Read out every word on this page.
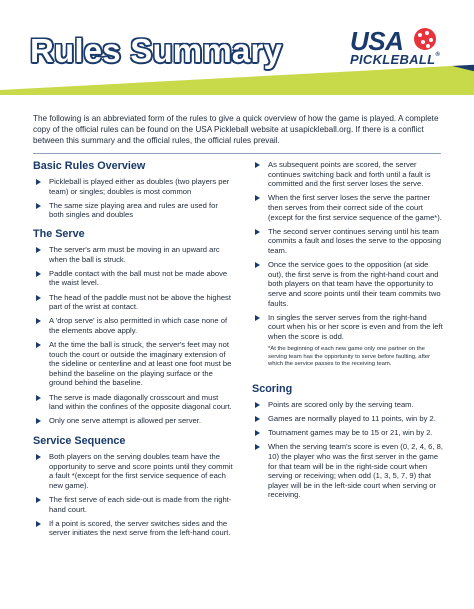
Rules Summary	USA
PICKLEBALL®
The following is an abbreviated form of the rules to give a quick overview of how the game is played. A complete copy of the official rules can be found on the USA Pickleball website at usapickleball.org. If there is a conflict between this summary and the official rules, the official rules prevail.
Basic Rules Overview
Pickleball is played either as doubles (two players per team) or singles; doubles is most common
The same size playing area and rules are used for both singles and doubles
The Serve
The server's arm must be moving in an upward arc when the ball is struck.
Paddle contact with the ball must not be made above the waist level.
The head of the paddle must not be above the highest part of the wrist at contact.
A 'drop serve' is also permitted in which case none of the elements above apply.
At the time the ball is struck, the server's feet may not touch the court or outside the imaginary extension of the sideline or centerline and at least one foot must be behind the baseline on the playing surface or the ground behind the baseline.
The serve is made diagonally crosscourt and must land within the confines of the opposite diagonal court.
Only one serve attempt is allowed per server.
Service Sequence
Both players on the serving doubles team have the opportunity to serve and score points until they commit a fault *(except for the first service sequence of each new game).
The first serve of each side-out is made from the right-hand court.
If a point is scored, the server switches sides and the server initiates the next serve from the left-hand court.
As subsequent points are scored, the server continues switching back and forth until a fault is committed and the first server loses the serve.
When the first server loses the serve the partner then serves from their correct side of the court (except for the first service sequence of the game*).
The second server continues serving until his team commits a fault and loses the serve to the opposing team.
Once the service goes to the opposition (at side out), the first serve is from the right-hand court and both players on that team have the opportunity to serve and score points until their team commits two faults.
In singles the server serves from the right-hand court when his or her score is even and from the left when the score is odd.
*At the beginning of each new game only one partner on the serving team has the opportunity to serve before faulting, after which the service passes to the receiving team.
Scoring
Points are scored only by the serving team.
Games are normally played to 11 points, win by 2.
Tournament games may be to 15 or 21, win by 2.
When the serving team's score is even (0, 2, 4, 6, 8, 10) the player who was the first server in the game for that team will be in the right-side court when serving or receiving; when odd (1, 3, 5, 7, 9) that player will be in the left-side court when serving or receiving.
